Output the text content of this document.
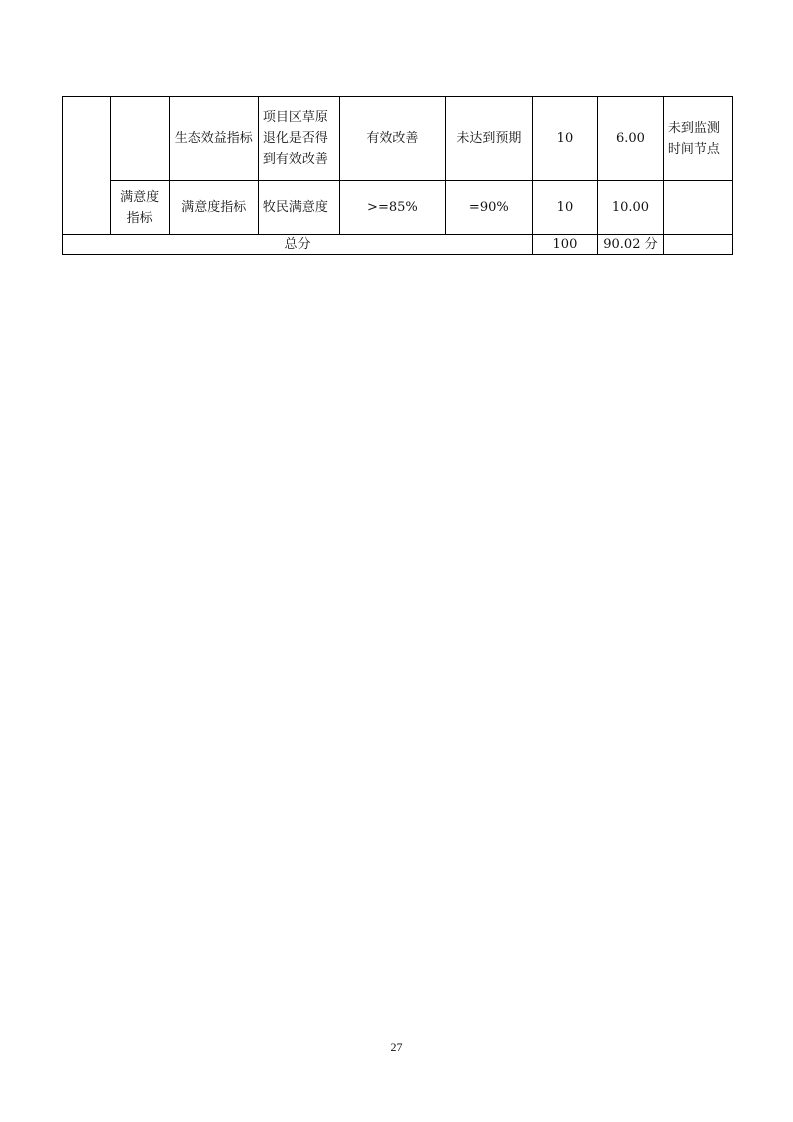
		生态效益指标	项目区草原退化是否得到有效改善	有效改善	未达到预期	10	6.00	未到监测时间节点
	满意度指标	满意度指标	牧民满意度	>=85%	=90%	10	10.00	
总分						100	90.02 分	
27
